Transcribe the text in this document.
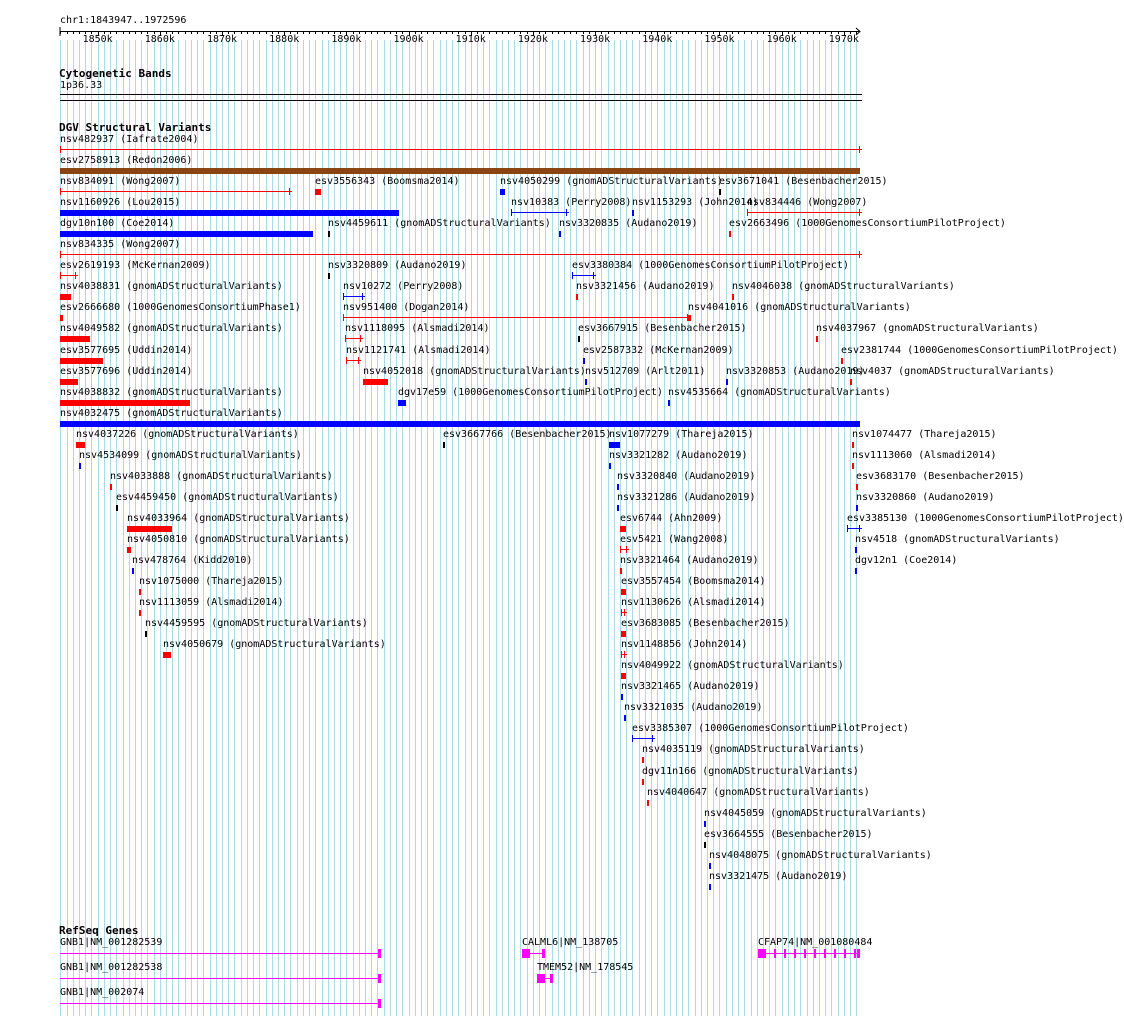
chr1:1843947..1972596
1850k	1860k	1870k	1880k	1890k	1900k	1910k	1920k	1930k	1940k	1950k	1960k	1970k
Cytogenetic Bands
1p36.33
DGV Structural Variants
nsv482937 (Iafrate2004)
esv2758913 (Redon2006)
nsv834091 (Wong2007)	esv3556343 (Boomsma2014)	nsv4050299 (gnomADStructuralVariants)
esv3671041 (Besenbacher2015)
nsv1160926 (Lou2015)	nsv10383 (Perry2008) nsv1153293 (John2014)
nsv834446 (Wong2007)
dgv10n100 (Coe2014)	nsv4459611 (gnomADStructuralVariants) nsv3320835 (Audano2019)	esv2663496 (1000GenomesConsortiumPilotProject)
nsv834335 (Wong2007)
esv2619193 (McKernan2009)	nsv3320809 (Audano2019)	esv3380384 (1000GenomesConsortiumPilotProject)
nsv4038831 (gnomADStructuralVariants)	nsv10272 (Perry2008)	nsv3321456 (Audano2019) nsv4046038 (gnomADStructuralVariants)
esv2666680 (1000GenomesConsortiumPhase1)	nsv951400 (Dogan2014)	nsv4041016 (gnomADStructuralVariants)
nsv4049582 (gnomADStructuralVariants)	nsv1118095 (Alsmadi2014)	esv3667915 (Besenbacher2015)	nsv4037967 (gnomADStructuralVariants)
esv3577695 (Uddin2014)	nsv1121741 (Alsmadi2014)	esv2587332 (McKernan2009)	esv2381744 (1000GenomesConsortiumPilotProject)
esv3577696 (Uddin2014)	nsv4052018 (gnomADStructuralVariants) nsv512709 (Arlt2011) nsv3320853 (Audano2019)
nsv4037 (gnomADStructuralVariants)
nsv4038832 (gnomADStructuralVariants)	dgv17e59 (1000GenomesConsortiumPilotProject) nsv4535664 (gnomADStructuralVariants)
nsv4032475 (gnomADStructuralVariants)
nsv4037226 (gnomADStructuralVariants)	esv3667766 (Besenbacher2015)
nsv1077279 (Thareja2015)	nsv1074477 (Thareja2015)
nsv4534099 (gnomADStructuralVariants)	nsv3321282 (Audano2019)	nsv1113060 (Alsmadi2014)
nsv4033888 (gnomADStructuralVariants)	nsv3320840 (Audano2019)	esv3683170 (Besenbacher2015)
esv4459450 (gnomADStructuralVariants)	nsv3321286 (Audano2019)	nsv3320860 (Audano2019)
nsv4033964 (gnomADStructuralVariants)	esv6744 (Ahn2009)	esv3385130 (1000GenomesConsortiumPilotProject)
nsv4050810 (gnomADStructuralVariants)	esv5421 (Wang2008)	nsv4518 (gnomADStructuralVariants)
nsv478764 (Kidd2010)	nsv3321464 (Audano2019)	dgv12n1 (Coe2014)
nsv1075000 (Thareja2015)	esv3557454 (Boomsma2014)
nsv1113059 (Alsmadi2014)	nsv1130626 (Alsmadi2014)
nsv4459595 (gnomADStructuralVariants)	esv3683085 (Besenbacher2015)
nsv4050679 (gnomADStructuralVariants)	nsv1148856 (John2014)
nsv4049922 (gnomADStructuralVariants)
nsv3321465 (Audano2019)
nsv3321035 (Audano2019)
esv3385307 (1000GenomesConsortiumPilotProject)
nsv4035119 (gnomADStructuralVariants)
dgv11n166 (gnomADStructuralVariants)
nsv4040647 (gnomADStructuralVariants)
nsv4045059 (gnomADStructuralVariants)
esv3664555 (Besenbacher2015)
nsv4048075 (gnomADStructuralVariants)
nsv3321475 (Audano2019)
RefSeq Genes
GNB1|NM_001282539
GNB1|NM_001282538
GNB1|NM_002074
CALML6|NM_138705
TMEM52|NM_178545
CFAP74|NM_001080484
